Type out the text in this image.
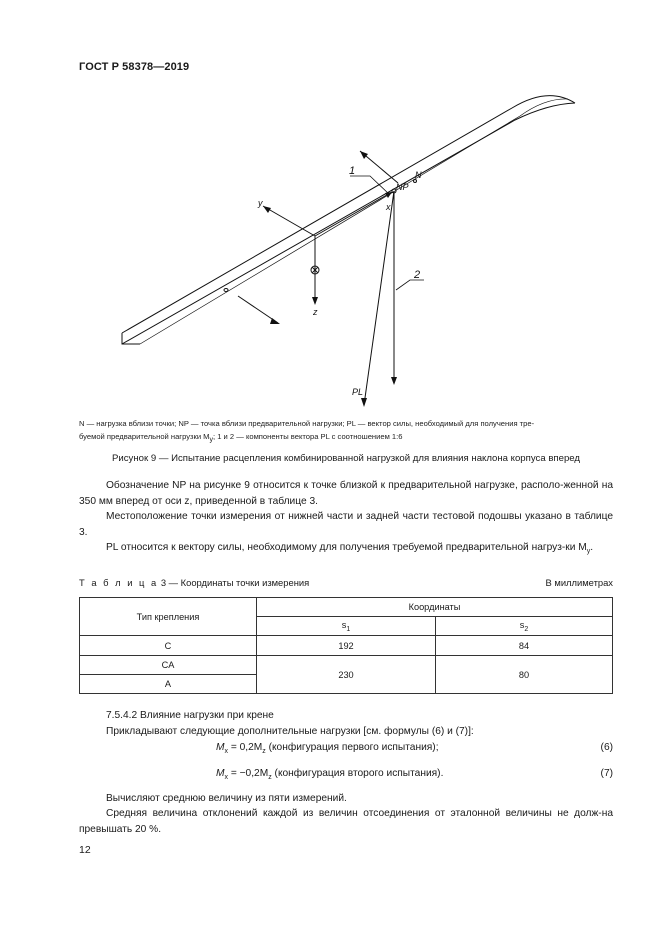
ГОСТ Р 58378—2019
1
2
NP
N
PL
y	x
z
N — нагрузка вблизи точки; NP — точка вблизи предварительной нагрузки; PL — вектор силы, необходимый для получения тре-
буемой предварительной нагрузки $M_y$; 1 и 2 — компоненты вектора PL с соотношением 1:6
Рисунок 9 — Испытание расцепления комбинированной нагрузкой для влияния наклона корпуса вперед
Обозначение NP на рисунке 9 относится к точке близкой к предварительной нагрузке, располо-женной на 350 мм вперед от оси z, приведенной в таблице 3.
Местоположение точки измерения от нижней части и задней части тестовой подошвы указано в таблице 3.
PL относится к вектору силы, необходимому для получения требуемой предварительной нагруз-ки $M_y$.
Т а б л и ц а 3 — Координаты точки измерения	В миллиметрах
Тип крепления	Координаты	
	$s_1$	$s_2$
C	192	84
CA	230	80
A		
7.5.4.2 Влияние нагрузки при крене
Прикладывают следующие дополнительные нагрузки [см. формулы (6) и (7)]:
$M_x = 0,2M_z$ (конфигурация первого испытания);	(6)
$M_x = -0,2M_z$ (конфигурация второго испытания).	(7)
Вычисляют среднюю величину из пяти измерений.
Средняя величина отклонений каждой из величин отсоединения от эталонной величины не долж-на превышать 20 %.
12
